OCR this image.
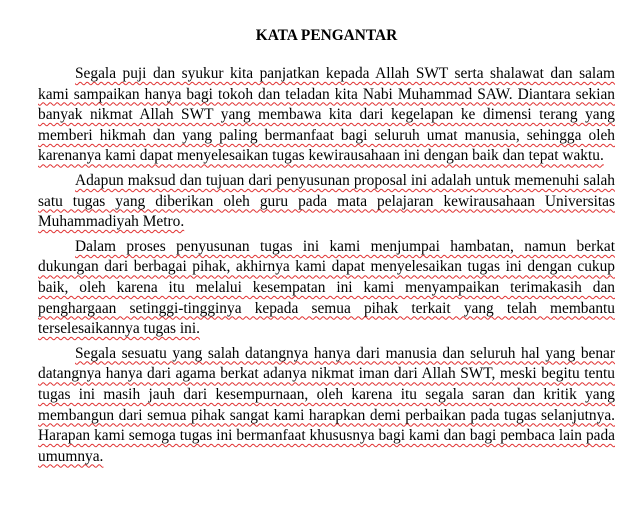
KATA PENGANTAR

Segala puji dan syukur kita panjatkan kepada Allah SWT serta shalawat dan salam kami sampaikan hanya bagi tokoh dan teladan kita Nabi Muhammad SAW. Diantara sekian banyak nikmat Allah SWT yang membawa kita dari kegelapan ke dimensi terang yang memberi hikmah dan yang paling bermanfaat bagi seluruh umat manusia, sehingga oleh karenanya kami dapat menyelesaikan tugas kewirausahaan ini dengan baik dan tepat waktu.

Adapun maksud dan tujuan dari penyusunan proposal ini adalah untuk memenuhi salah satu tugas yang diberikan oleh guru pada mata pelajaran kewirausahaan Universitas Muhammadiyah Metro.

Dalam proses penyusunan tugas ini kami menjumpai hambatan, namun berkat dukungan dari berbagai pihak, akhirnya kami dapat menyelesaikan tugas ini dengan cukup baik, oleh karena itu melalui kesempatan ini kami menyampaikan terimakasih dan penghargaan setinggi-tingginya kepada semua pihak terkait yang telah membantu terselesaikannya tugas ini.

Segala sesuatu yang salah datangnya hanya dari manusia dan seluruh hal yang benar datangnya hanya dari agama berkat adanya nikmat iman dari Allah SWT, meski begitu tentu tugas ini masih jauh dari kesempurnaan, oleh karena itu segala saran dan kritik yang membangun dari semua pihak sangat kami harapkan demi perbaikan pada tugas selanjutnya. Harapan kami semoga tugas ini bermanfaat khususnya bagi kami dan bagi pembaca lain pada umumnya.
